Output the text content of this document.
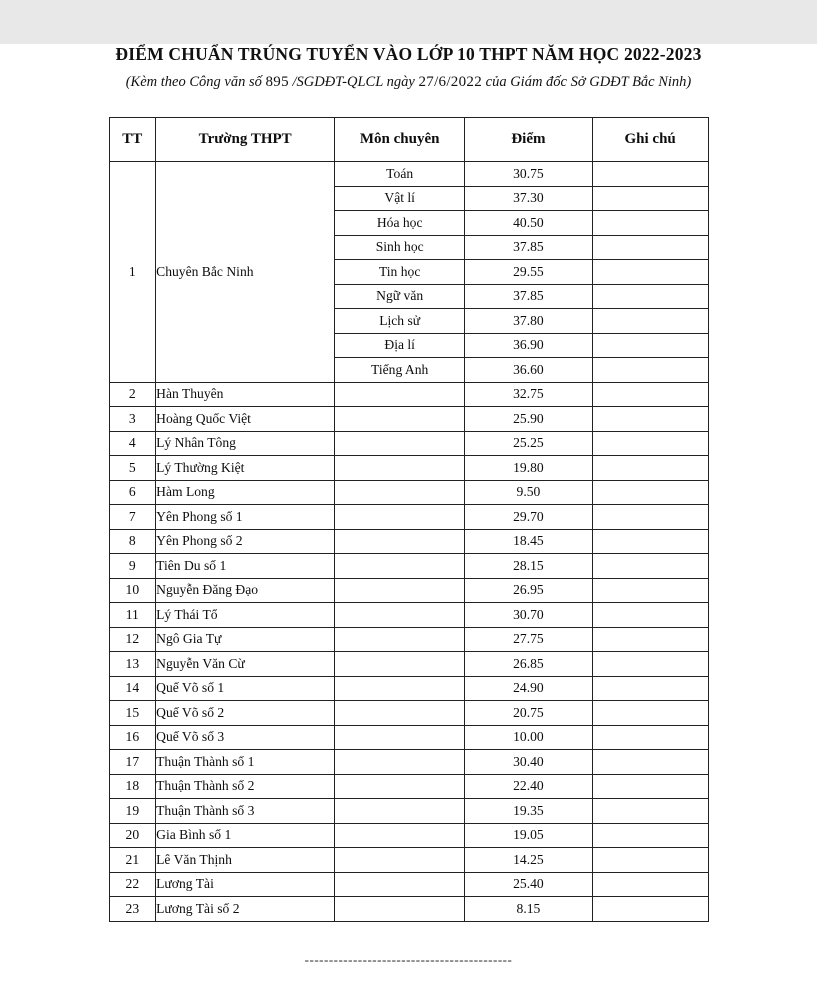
ĐIỂM CHUẨN TRÚNG TUYỂN VÀO LỚP 10 THPT NĂM HỌC 2022-2023
(Kèm theo Công văn số 895 /SGDĐT-QLCL ngày 27/6/2022 của Giám đốc Sở GDĐT Bắc Ninh)
TT	Trường THPT	Môn chuyên	Điểm	Ghi chú
1	Chuyên Bắc Ninh	Toán	30.75	
		Vật lí	37.30	
		Hóa học	40.50	
		Sinh học	37.85	
		Tin học	29.55	
		Ngữ văn	37.85	
		Lịch sử	37.80	
		Địa lí	36.90	
		Tiếng Anh	36.60	
2	Hàn Thuyên		32.75	
3	Hoàng Quốc Việt		25.90	
4	Lý Nhân Tông		25.25	
5	Lý Thường Kiệt		19.80	
6	Hàm Long		9.50	
7	Yên Phong số 1		29.70	
8	Yên Phong số 2		18.45	
9	Tiên Du số 1		28.15	
10	Nguyễn Đăng Đạo		26.95	
11	Lý Thái Tổ		30.70	
12	Ngô Gia Tự		27.75	
13	Nguyễn Văn Cừ		26.85	
14	Quế Võ số 1		24.90	
15	Quế Võ số 2		20.75	
16	Quế Võ số 3		10.00	
17	Thuận Thành số 1		30.40	
18	Thuận Thành số 2		22.40	
19	Thuận Thành số 3		19.35	
20	Gia Bình số 1		19.05	
21	Lê Văn Thịnh		14.25	
22	Lương Tài		25.40	
23	Lương Tài số 2		8.15	
-------------------------------------------
